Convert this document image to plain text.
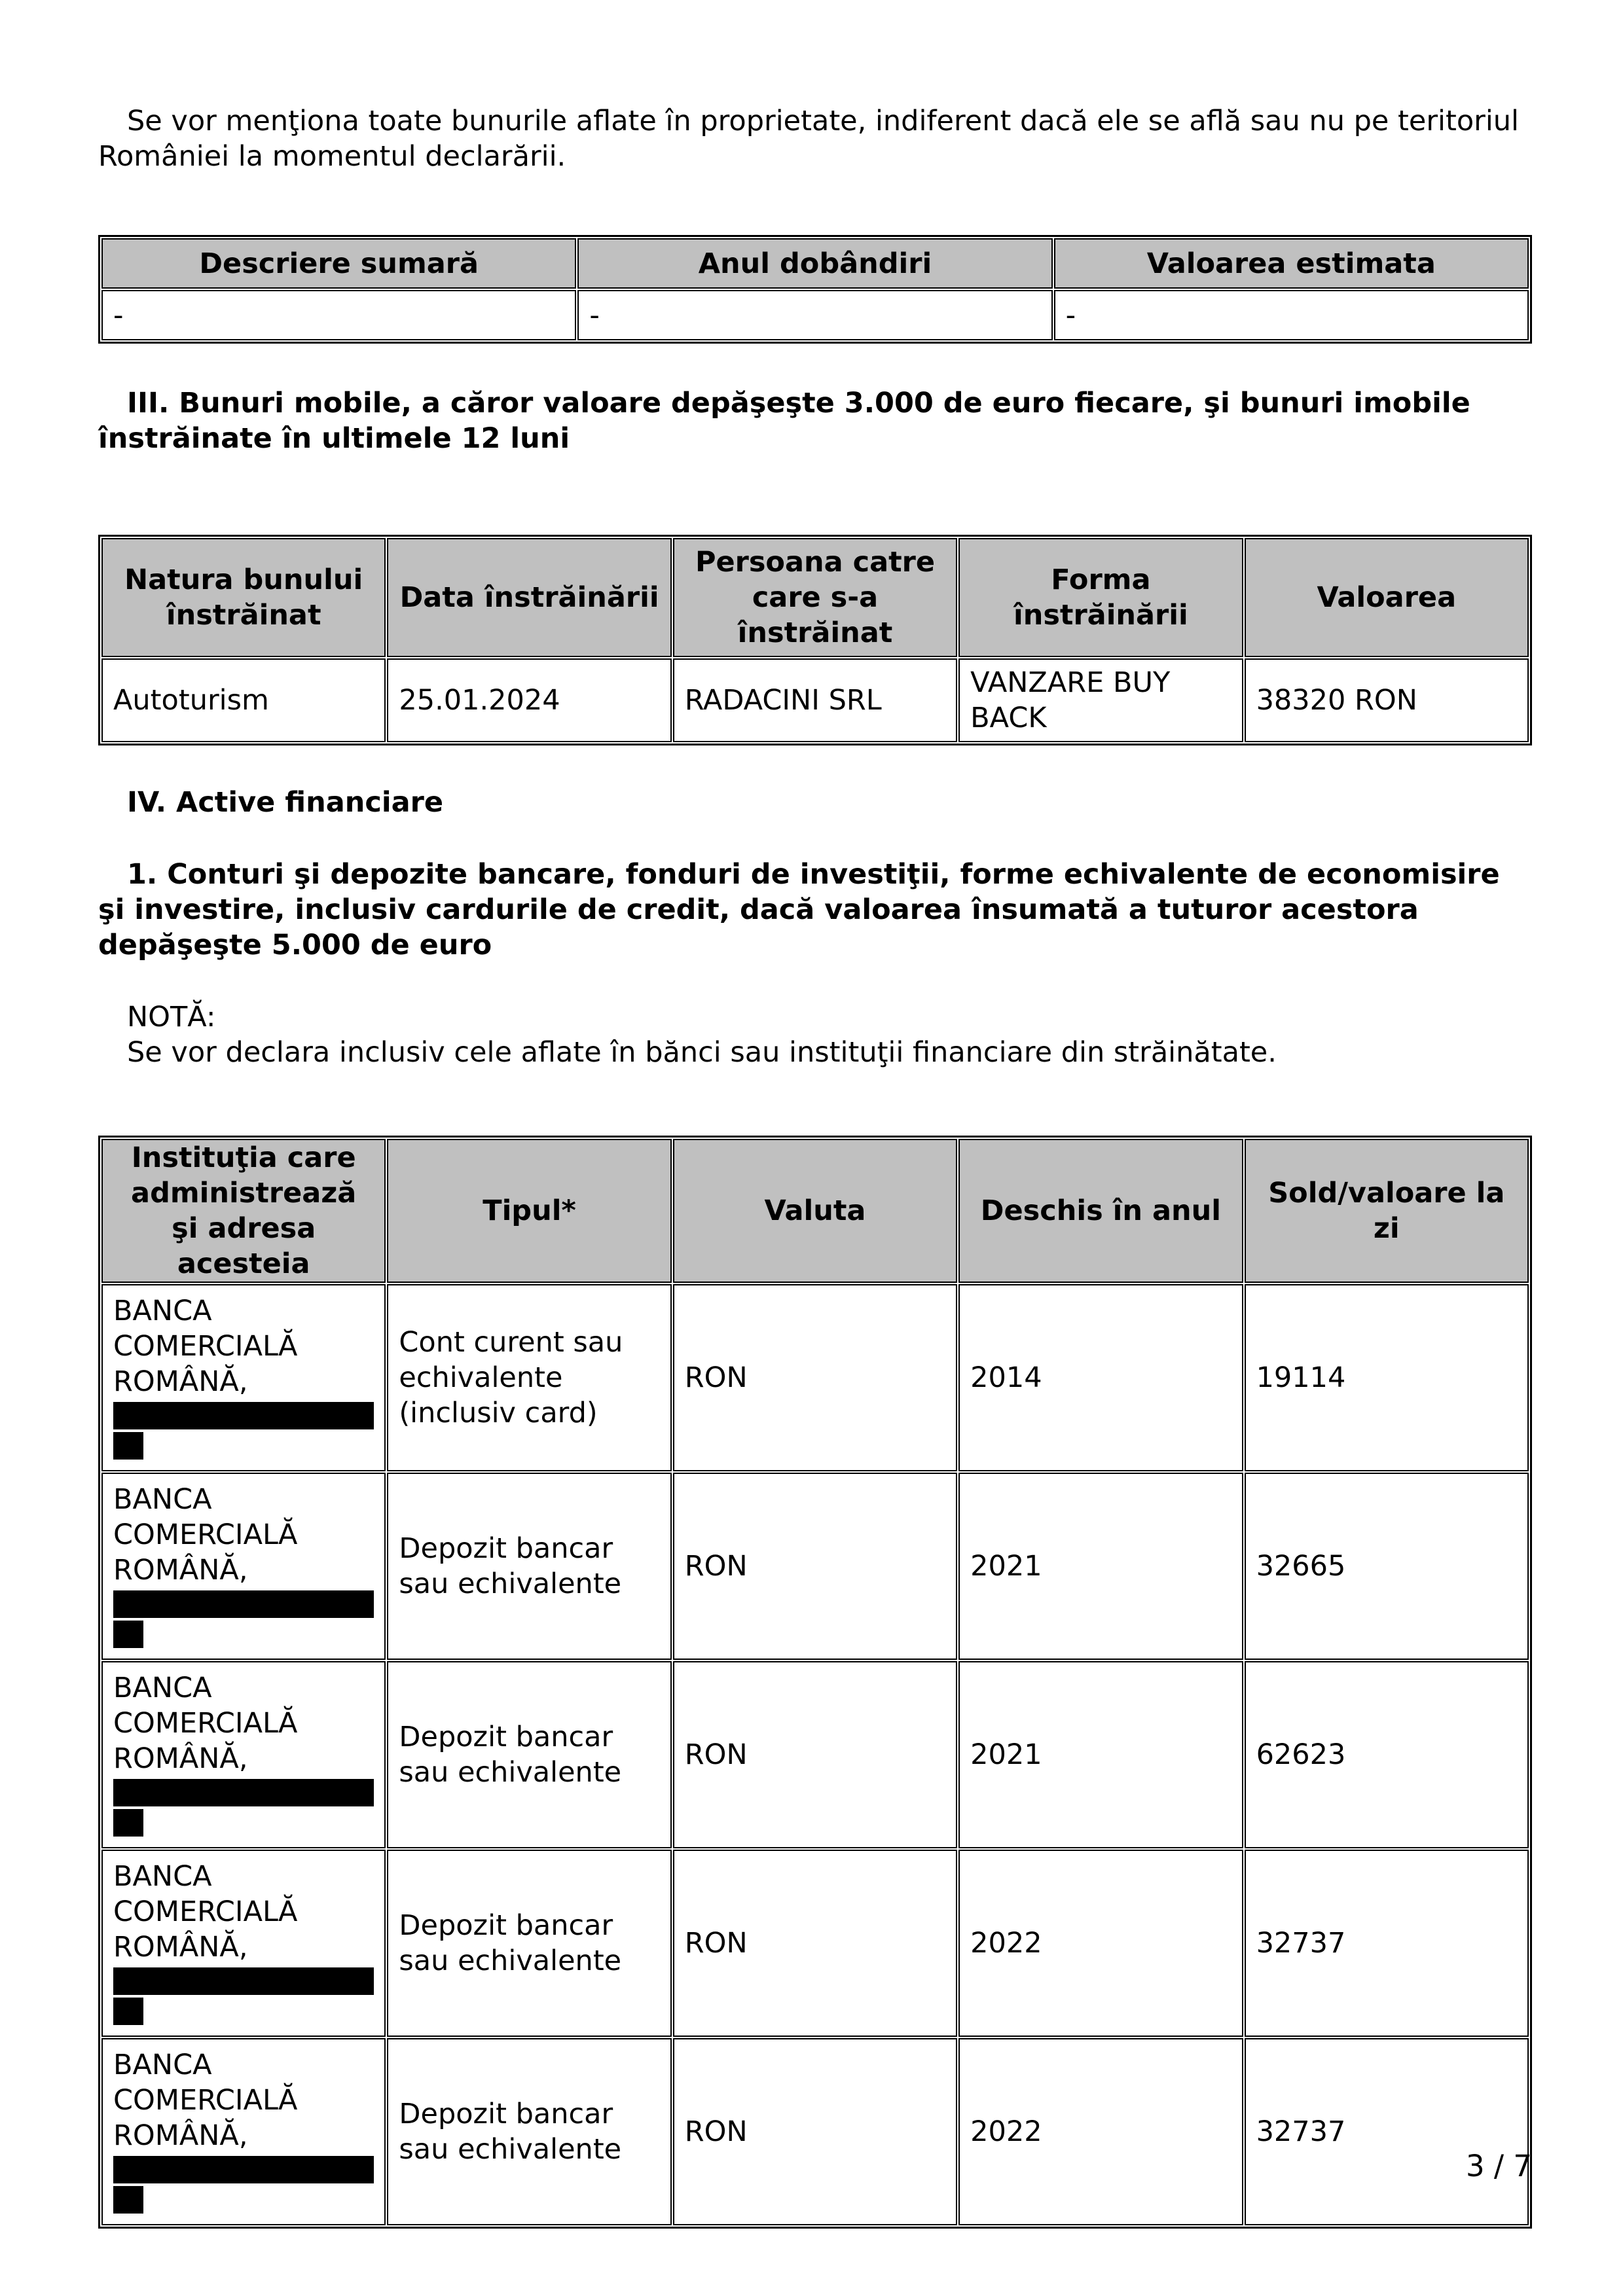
Se vor menţiona toate bunurile aflate în proprietate, indiferent dacă ele se află sau nu pe teritoriul României la momentul declarării.

Descriere sumară	Anul dobândiri	Valoarea estimata
-	-	-

III. Bunuri mobile, a căror valoare depăşeşte 3.000 de euro fiecare, şi bunuri imobile înstrăinate în ultimele 12 luni

Natura bunului înstrăinat	Data înstrăinării	Persoana catre care s-a înstrăinat	Forma înstrăinării	Valoarea
Autoturism	25.01.2024	RADACINI SRL	VANZARE BUY BACK	38320 RON

IV. Active financiare

1. Conturi şi depozite bancare, fonduri de investiţii, forme echivalente de economisire şi investire, inclusiv cardurile de credit, dacă valoarea însumată a tuturor acestora depăşeşte 5.000 de euro

NOTĂ:

Se vor declara inclusiv cele aflate în bănci sau instituţii financiare din străinătate.

Instituţia care administrează şi adresa acesteia	Tipul*	Valuta	Deschis în anul	Sold/valoare la zi
BANCA COMERCIALĂ ROMÂNĂ,	Cont curent sau echivalente (inclusiv card)	RON	2014	19114
BANCA COMERCIALĂ ROMÂNĂ,	Depozit bancar sau echivalente	RON	2021	32665
BANCA COMERCIALĂ ROMÂNĂ,	Depozit bancar sau echivalente	RON	2021	62623
BANCA COMERCIALĂ ROMÂNĂ,	Depozit bancar sau echivalente	RON	2022	32737
BANCA COMERCIALĂ ROMÂNĂ,	Depozit bancar sau echivalente	RON	2022	32737
3 / 7
